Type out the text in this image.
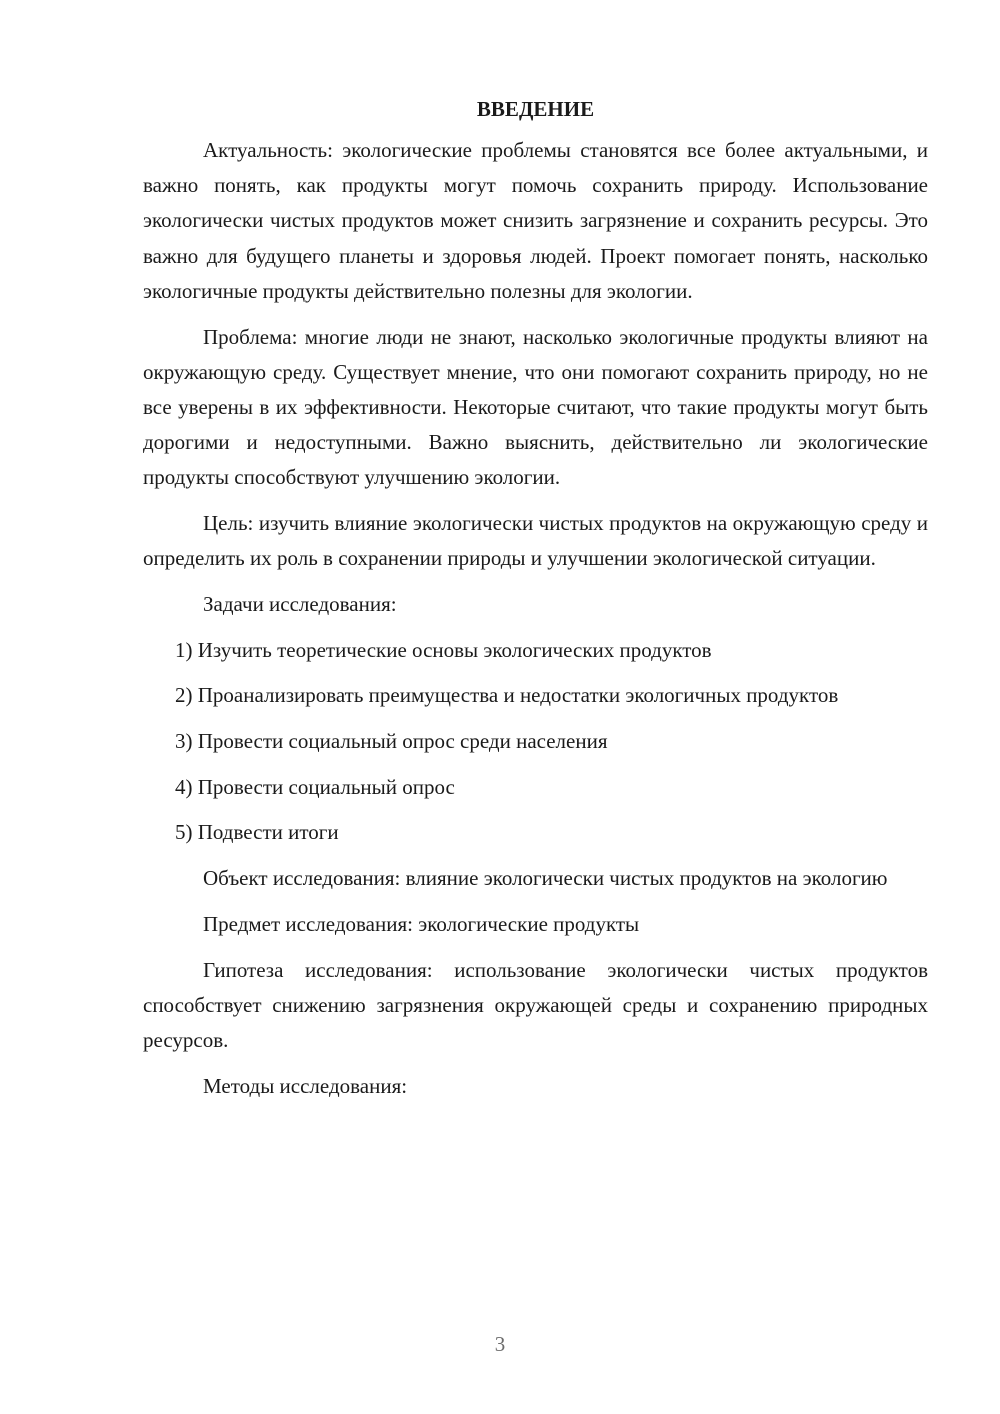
ВВЕДЕНИЕ

Актуальность: экологические проблемы становятся все более актуальными, и важно понять, как продукты могут помочь сохранить природу. Использование экологически чистых продуктов может снизить загрязнение и сохранить ресурсы. Это важно для будущего планеты и здоровья людей. Проект помогает понять, насколько экологичные продукты действительно полезны для экологии.

Проблема: многие люди не знают, насколько экологичные продукты влияют на окружающую среду. Существует мнение, что они помогают сохранить природу, но не все уверены в их эффективности. Некоторые считают, что такие продукты могут быть дорогими и недоступными. Важно выяснить, действительно ли экологические продукты способствуют улучшению экологии.

Цель: изучить влияние экологически чистых продуктов на окружающую среду и определить их роль в сохранении природы и улучшении экологической ситуации.

Задачи исследования:

1) Изучить теоретические основы экологических продуктов

2) Проанализировать преимущества и недостатки экологичных продуктов

3) Провести социальный опрос среди населения

4) Провести социальный опрос

5) Подвести итоги

Объект исследования: влияние экологически чистых продуктов на экологию

Предмет исследования: экологические продукты

Гипотеза исследования: использование экологически чистых продуктов способствует снижению загрязнения окружающей среды и сохранению природных ресурсов.

Методы исследования:

3
